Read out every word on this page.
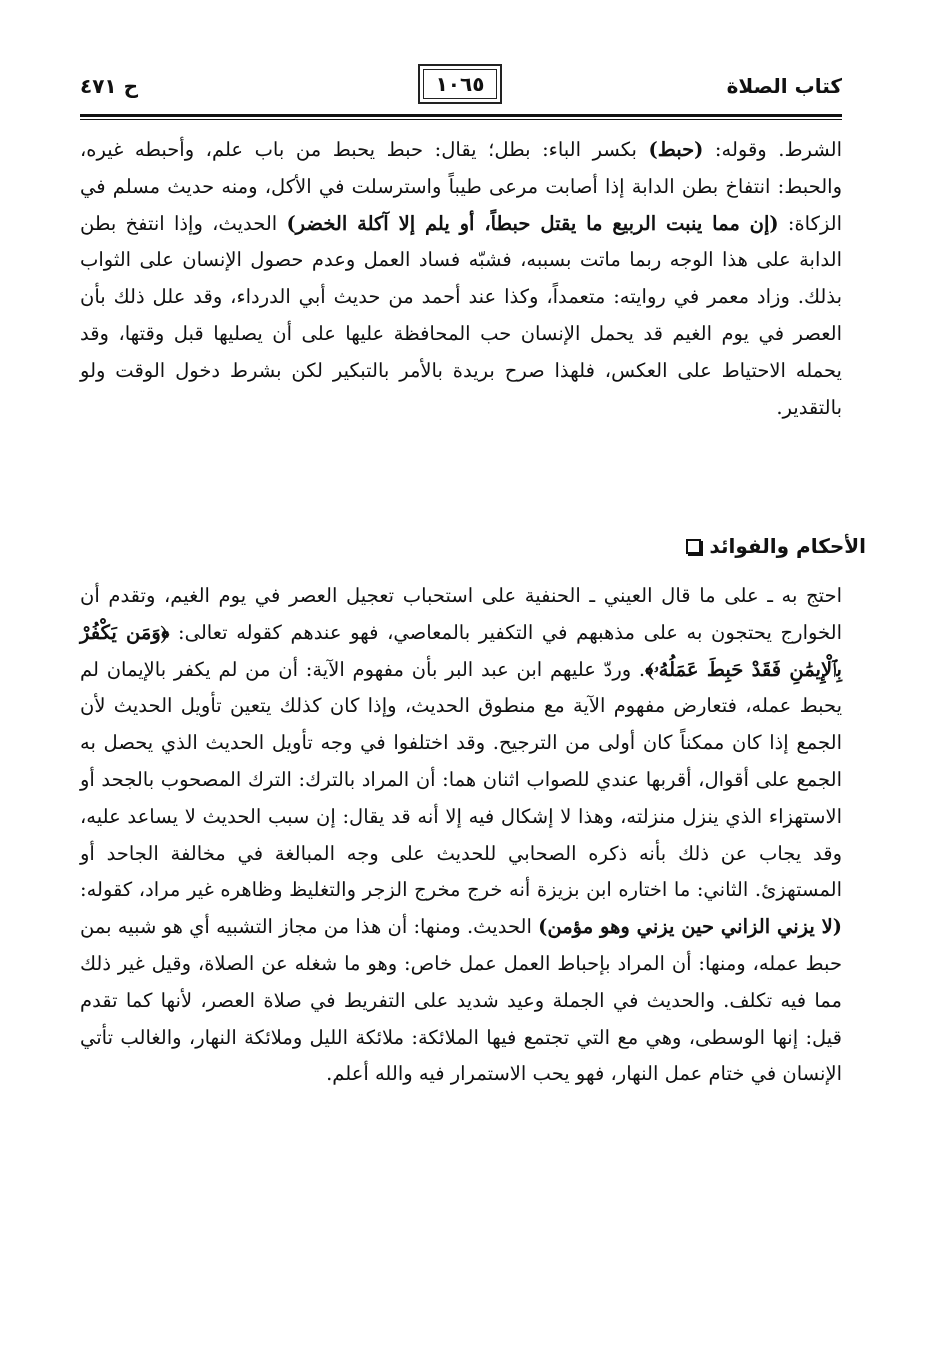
كتاب الصلاة
١٠٦٥
ح ٤٧١

الشرط. وقوله: (حبط) بكسر الباء: بطل؛ يقال: حبط يحبط من باب علم، وأحبطه غيره، والحبط: انتفاخ بطن الدابة إذا أصابت مرعى طيباً واسترسلت في الأكل، ومنه حديث مسلم في الزكاة: (إن مما ينبت الربيع ما يقتل حبطاً، أو يلم إلا آكلة الخضر) الحديث، وإذا انتفخ بطن الدابة على هذا الوجه ربما ماتت بسببه، فشبّه فساد العمل وعدم حصول الإنسان على الثواب بذلك. وزاد معمر في روايته: متعمداً، وكذا عند أحمد من حديث أبي الدرداء، وقد علل ذلك بأن العصر في يوم الغيم قد يحمل الإنسان حب المحافظة عليها على أن يصليها قبل وقتها، وقد يحمله الاحتياط على العكس، فلهذا صرح بريدة بالأمر بالتبكير لكن بشرط دخول الوقت ولو بالتقدير.

الأحكام والفوائد

احتج به ـ على ما قال العيني ـ الحنفية على استحباب تعجيل العصر في يوم الغيم، وتقدم أن الخوارج يحتجون به على مذهبهم في التكفير بالمعاصي، فهو عندهم كقوله تعالى: ﴿وَمَن يَكْفُرْ بِٱلْإِيمَٰنِ فَقَدْ حَبِطَ عَمَلُهُۥ﴾. وردّ عليهم ابن عبد البر بأن مفهوم الآية: أن من لم يكفر بالإيمان لم يحبط عمله، فتعارض مفهوم الآية مع منطوق الحديث، وإذا كان كذلك يتعين تأويل الحديث لأن الجمع إذا كان ممكناً كان أولى من الترجيح. وقد اختلفوا في وجه تأويل الحديث الذي يحصل به الجمع على أقوال، أقربها عندي للصواب اثنان هما: أن المراد بالترك: الترك المصحوب بالجحد أو الاستهزاء الذي ينزل منزلته، وهذا لا إشكال فيه إلا أنه قد يقال: إن سبب الحديث لا يساعد عليه، وقد يجاب عن ذلك بأنه ذكره الصحابي للحديث على وجه المبالغة في مخالفة الجاحد أو المستهزئ. الثاني: ما اختاره ابن بزيزة أنه خرج مخرج الزجر والتغليظ وظاهره غير مراد، كقوله: (لا يزني الزاني حين يزني وهو مؤمن) الحديث. ومنها: أن هذا من مجاز التشبيه أي هو شبيه بمن حبط عمله، ومنها: أن المراد بإحباط العمل عمل خاص: وهو ما شغله عن الصلاة، وقيل غير ذلك مما فيه تكلف. والحديث في الجملة وعيد شديد على التفريط في صلاة العصر، لأنها كما تقدم قيل: إنها الوسطى، وهي مع التي تجتمع فيها الملائكة: ملائكة الليل وملائكة النهار، والغالب تأتي الإنسان في ختام عمل النهار، فهو يحب الاستمرار فيه والله أعلم.
